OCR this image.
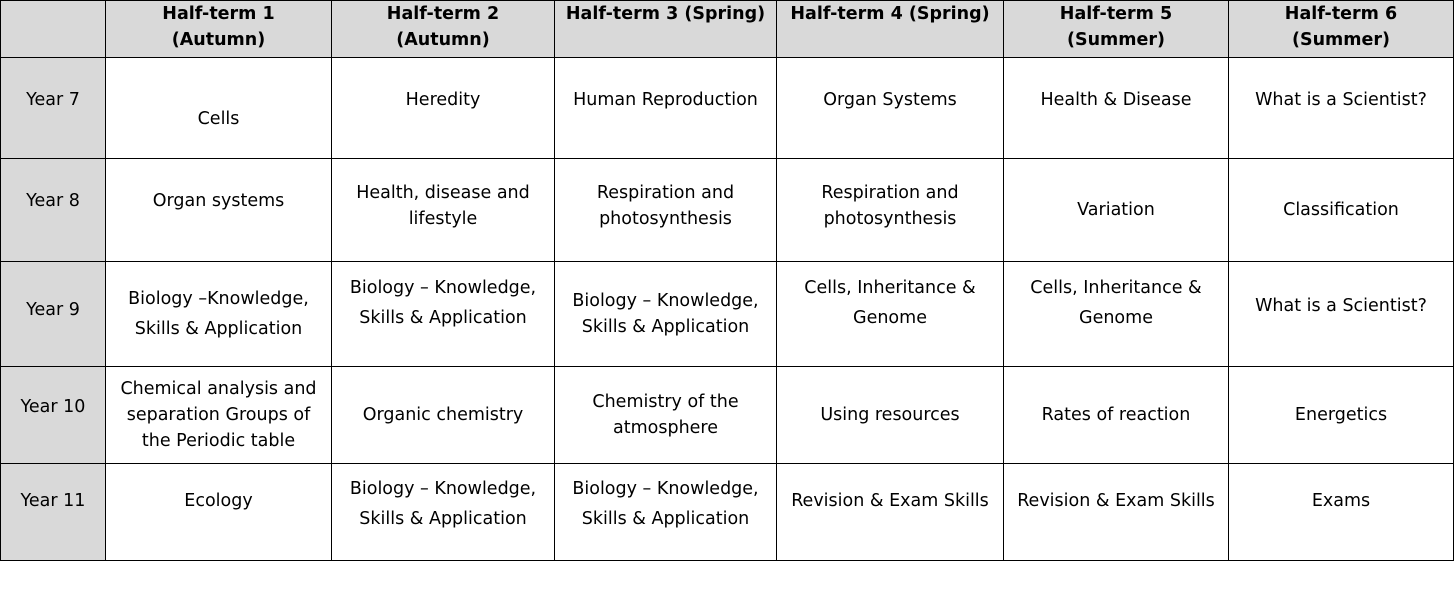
	Half-term 1 (Autumn)	Half-term 2 (Autumn)	Half-term 3 (Spring)	Half-term 4 (Spring)	Half-term 5 (Summer)	Half-term 6 (Summer)
Year 7	Cells	Heredity	Human Reproduction	Organ Systems	Health & Disease	What is a Scientist?
Year 8	Organ systems	Health, disease and lifestyle	Respiration and photosynthesis	Respiration and photosynthesis	Variation	Classification
Year 9	Biology –Knowledge, Skills & Application	Biology – Knowledge, Skills & Application	Biology – Knowledge, Skills & Application	Cells, Inheritance & Genome	Cells, Inheritance & Genome	What is a Scientist?
Year 10	Chemical analysis and separation Groups of the Periodic table	Organic chemistry	Chemistry of the atmosphere	Using resources	Rates of reaction	Energetics
Year 11	Ecology	Biology – Knowledge, Skills & Application	Biology – Knowledge, Skills & Application	Revision & Exam Skills	Revision & Exam Skills	Exams
